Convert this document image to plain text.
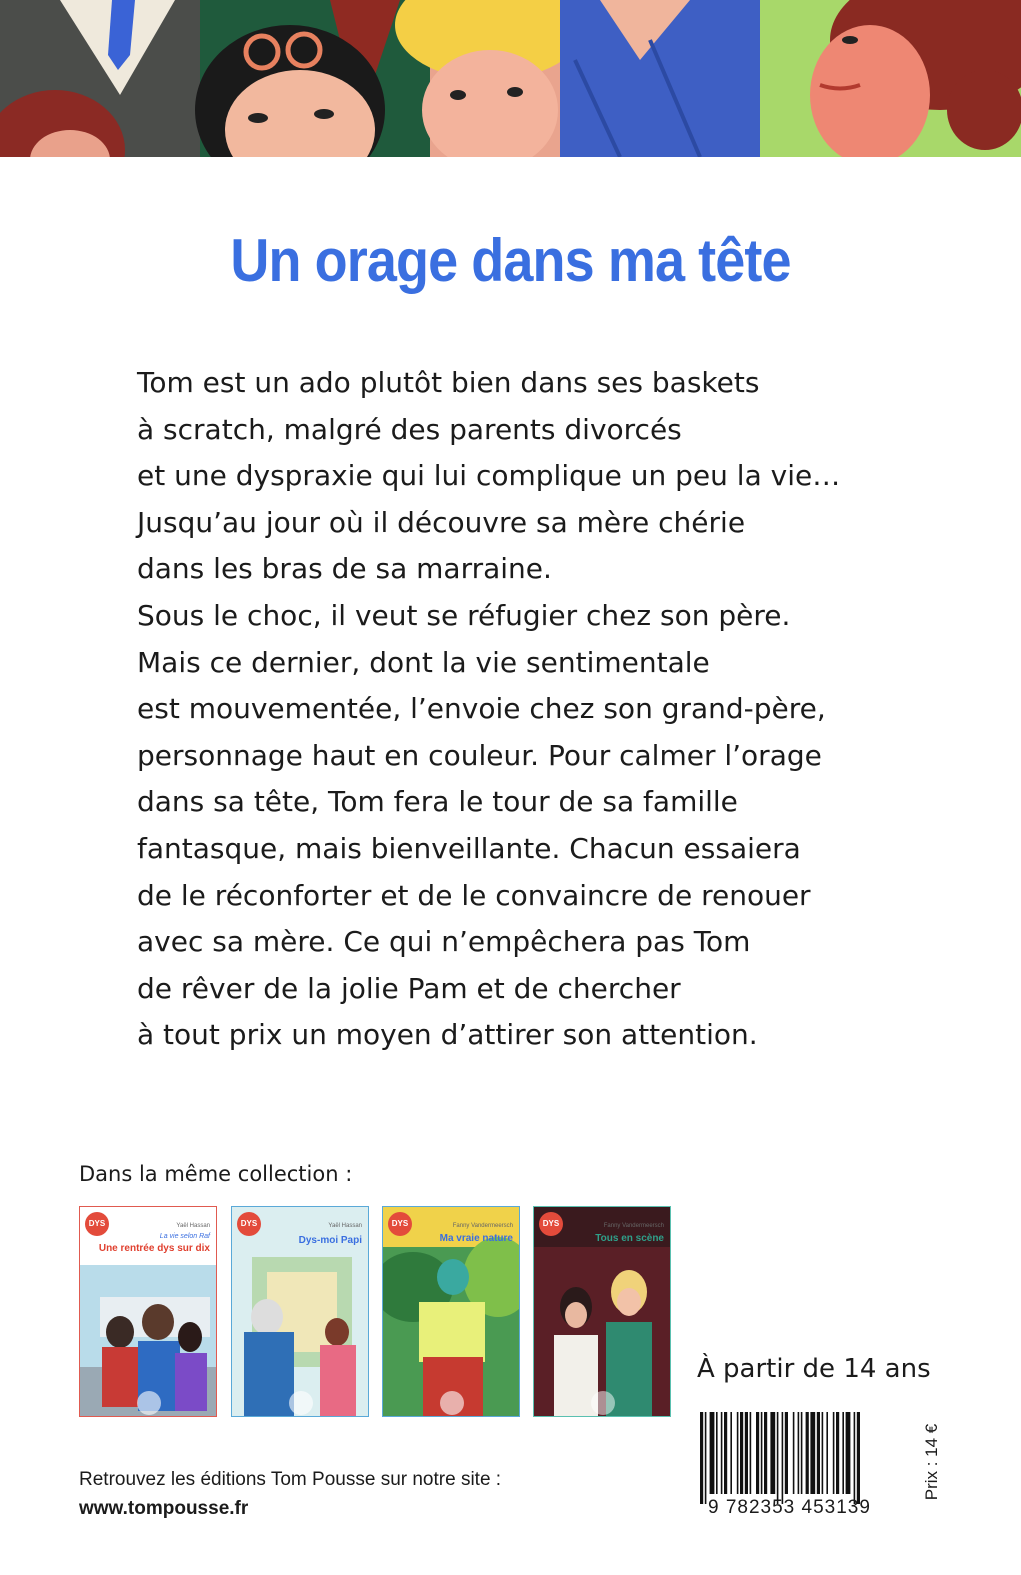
Un orage dans ma tête
Tom est un ado plutôt bien dans ses baskets
à scratch, malgré des parents divorcés
et une dyspraxie qui lui complique un peu la vie…
Jusqu’au jour où il découvre sa mère chérie
dans les bras de sa marraine.
Sous le choc, il veut se réfugier chez son père.
Mais ce dernier, dont la vie sentimentale
est mouvementée, l’envoie chez son grand-père,
personnage haut en couleur. Pour calmer l’orage
dans sa tête, Tom fera le tour de sa famille
fantasque, mais bienveillante. Chacun essaiera
de le réconforter et de le convaincre de renouer
avec sa mère. Ce qui n’empêchera pas Tom
de rêver de la jolie Pam et de chercher
à tout prix un moyen d’attirer son attention.
Dans la même collection :
DYS	Yaël Hassan
La vie selon Raf
Une rentrée dys sur dix
DYS	Yaël Hassan
Dys-moi Papi
DYS	Fanny Vandermeersch
Ma vraie nature
DYS	Fanny Vandermeersch
Tous en scène
À partir de 14 ans
9 782353 453139
Prix : 14 €
Retrouvez les éditions Tom Pousse sur notre site :
www.tompousse.fr
